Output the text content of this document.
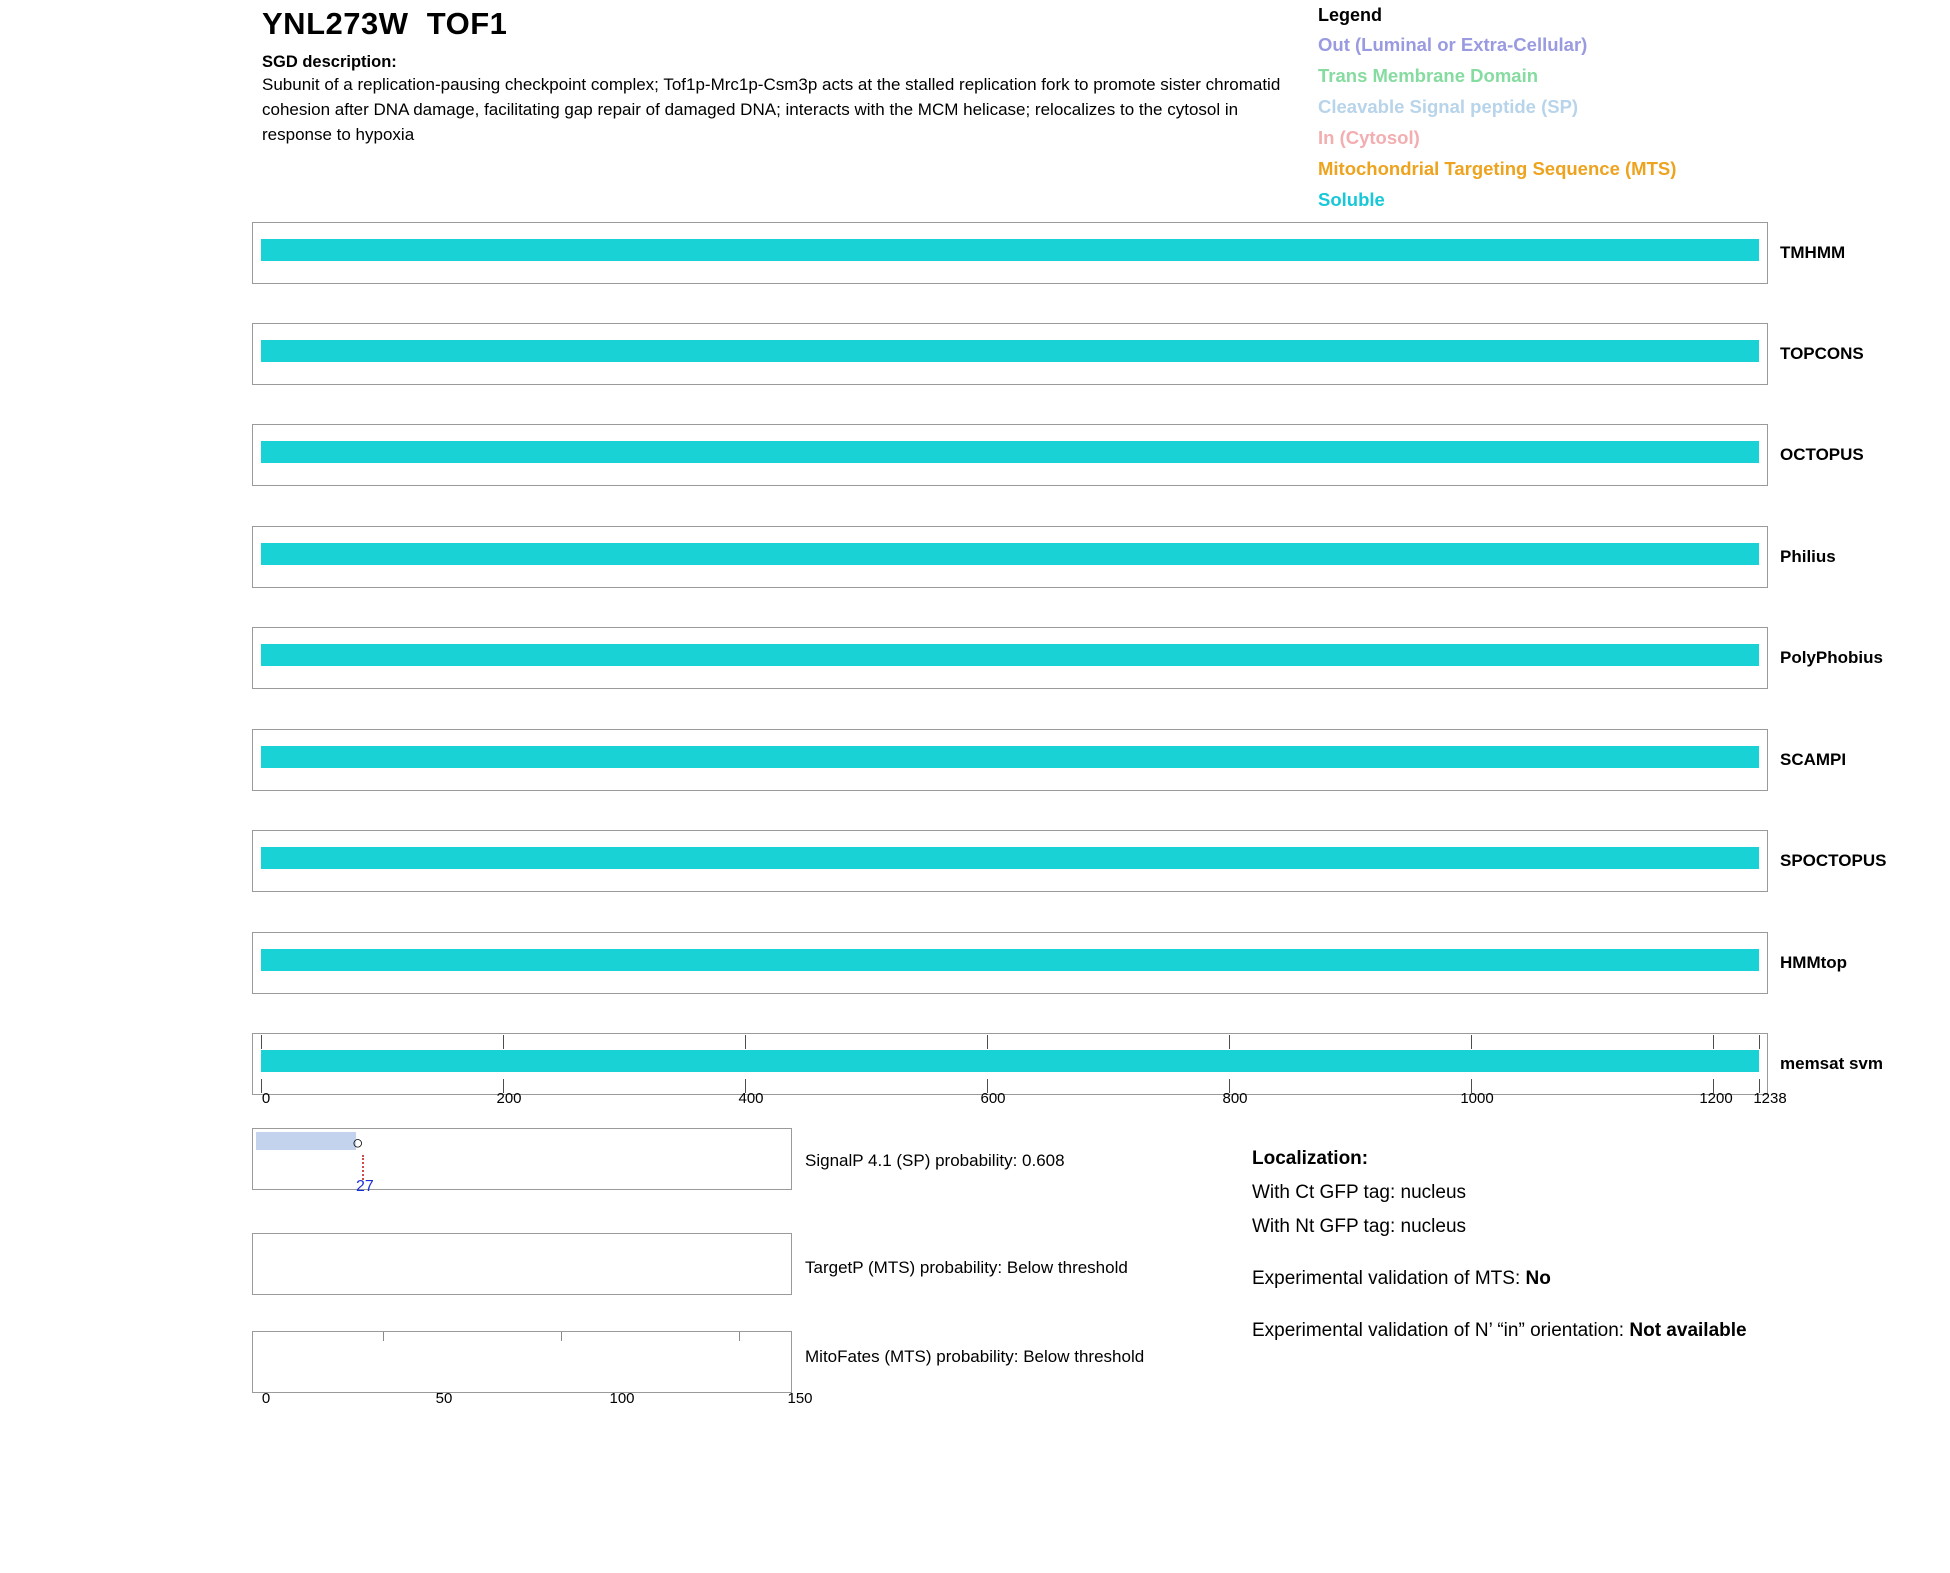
YNL273W  TOF1
SGD description:
Subunit of a replication-pausing checkpoint complex; Tof1p-Mrc1p-Csm3p acts at the stalled replication fork to promote sister chromatid cohesion after DNA damage, facilitating gap repair of damaged DNA; interacts with the MCM helicase; relocalizes to the cytosol in response to hypoxia
Legend
Out (Luminal or Extra-Cellular)
Trans Membrane Domain
Cleavable Signal peptide (SP)
In (Cytosol)
Mitochondrial Targeting Sequence (MTS)
Soluble
TMHMM
TOPCONS
OCTOPUS
Philius
PolyPhobius
SCAMPI
SPOCTOPUS
HMMtop
memsat svm
0	200	400	600	800	1000	1200 1238
○
27
SignalP 4.1 (SP) probability: 0.608
TargetP (MTS) probability: Below threshold
MitoFates (MTS) probability: Below threshold
0	50	100	150
Localization:
With Ct GFP tag: nucleus
With Nt GFP tag: nucleus
Experimental validation of MTS: No
Experimental validation of N’ “in” orientation: Not available
